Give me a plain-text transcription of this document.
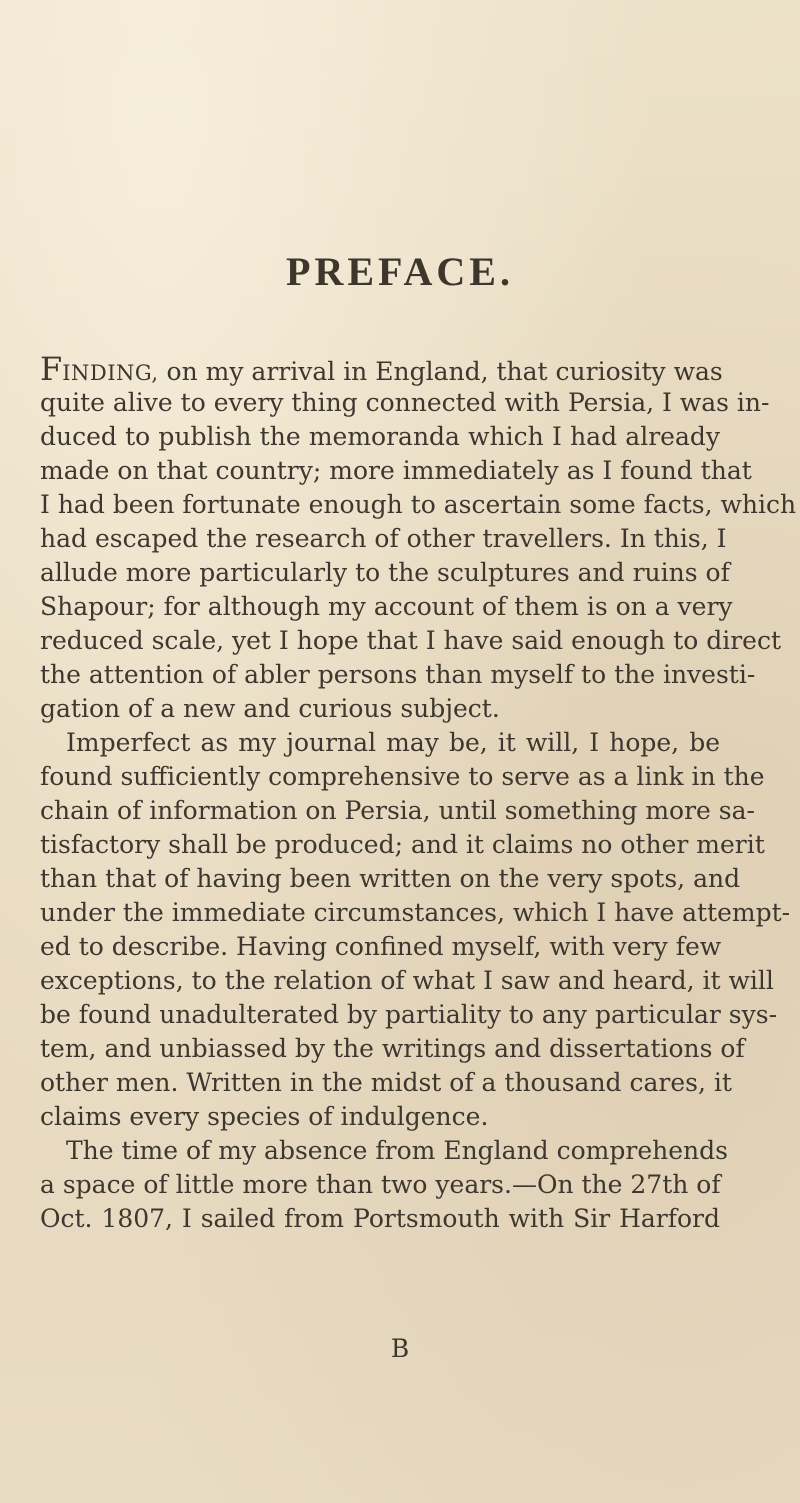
PREFACE.
FINDING, on my arrival in England, that curiosity was
quite alive to every thing connected with Persia, I was in-
duced to publish the memoranda which I had already
made on that country; more immediately as I found that
I had been fortunate enough to ascertain some facts, which
had escaped the research of other travellers. In this, I
allude more particularly to the sculptures and ruins of
Shapour; for although my account of them is on a very
reduced scale, yet I hope that I have said enough to direct
the attention of abler persons than myself to the investi-
gation of a new and curious subject.
Imperfect as my journal may be, it will, I hope, be
found sufficiently comprehensive to serve as a link in the
chain of information on Persia, until something more sa-
tisfactory shall be produced; and it claims no other merit
than that of having been written on the very spots, and
under the immediate circumstances, which I have attempt-
ed to describe. Having confined myself, with very few
exceptions, to the relation of what I saw and heard, it will
be found unadulterated by partiality to any particular sys-
tem, and unbiassed by the writings and dissertations of
other men. Written in the midst of a thousand cares, it
claims every species of indulgence.
The time of my absence from England comprehends
a space of little more than two years.—On the 27th of
Oct. 1807, I sailed from Portsmouth with Sir Harford
B
